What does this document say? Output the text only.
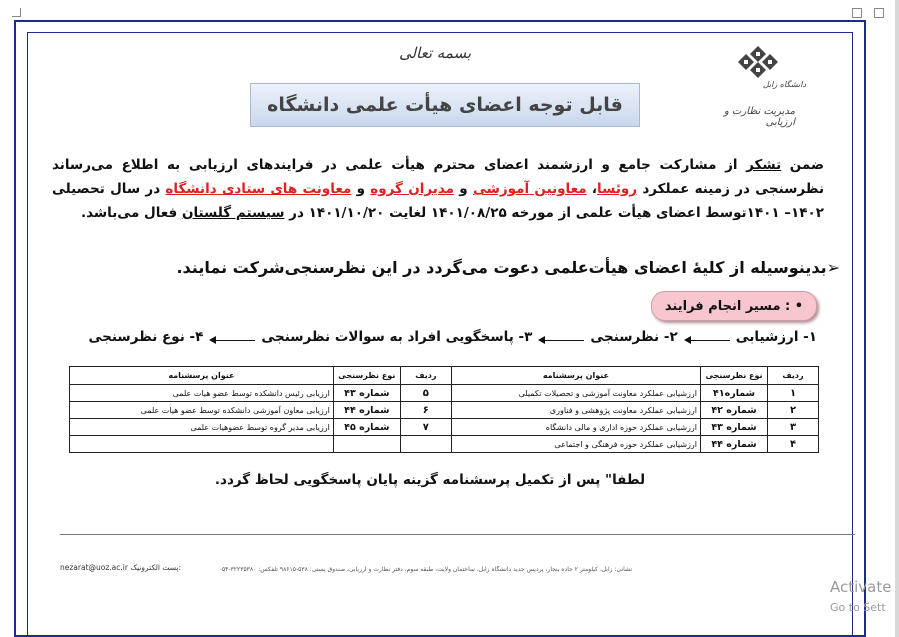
بسمه تعالی
دانشگاه زابل
مدیریت نظارت و ارزیابی
قابل توجه اعضای هیأت علمی دانشگاه
ضمن تشکر از مشارکت جامع و ارزشمند اعضای محترم هیأت علمی در فرایندهای ارزیابی به اطلاع می‌رساند نظرسنجی در زمینه عملکرد روئسا، معاونین آموزشی و مدیران گروه و معاونت های ستادی دانشگاه در سال تحصیلی ۱۴۰۲– ۱۴۰۱توسط اعضای هیأت علمی از مورخه ۱۴۰۱/۰۸/۲۵ لغایت ۱۴۰۱/۱۰/۲۰ در سیستم گلستان فعال می‌باشد.
➢بدینوسیله از کلیۀ اعضای هیأت‌علمی دعوت می‌گردد در این نظرسنجی‌شرکت نمایند.
•

:

مسیر انجام فرایند
۱- ارزشیابی
۲- نظرسنجی
۳- پاسخگویی افراد به سوالات نظرسنجی
۴- نوع نظرسنجی
ردیف	نوع نظرسنجی	عنوان پرسشنامه	ردیف	نوع نظرسنجی	عنوان پرسشنامه
۱	شماره۴۱	ارزشیابی عملکرد معاونت آموزشی و تحصیلات تکمیلی	۵	شماره ۴۳	ارزیابی رئیس دانشکده توسط عضو هیات علمی
۲	شماره ۴۲	ارزشیابی عملکرد معاونت پژوهشی و فناوری	۶	شماره ۴۴	ارزیابی معاون آموزشی دانشکده توسط عضو هیات علمی
۳	شماره ۴۳	ارزشیابی عملکرد حوزه اداری و مالی دانشگاه	۷	شماره ۴۵	ارزیابی مدیر گروه توسط عضوهیات علمی
۴	شماره ۴۴	ارزشیابی عملکرد حوزه فرهنگی و اجتماعی			
لطفا" پس از تکمیل پرسشنامه گزینه پایان پاسخگویی لحاظ گردد.
نشانی: زابل، کیلومتر ۲ جاده بنجار، پردیس جدید دانشگاه زابل، ساختمان ولایت، طبقه سوم، دفتر نظارت و ارزیابی، صندوق پستی: ۵۳۸-۹۸۶۱۵ تلفکس: ۳۲۲۳۵۳۸۰-۰۵۴
nezarat@uoz.ac.ir پست الکترونیک:
Activate
Go to Sett
